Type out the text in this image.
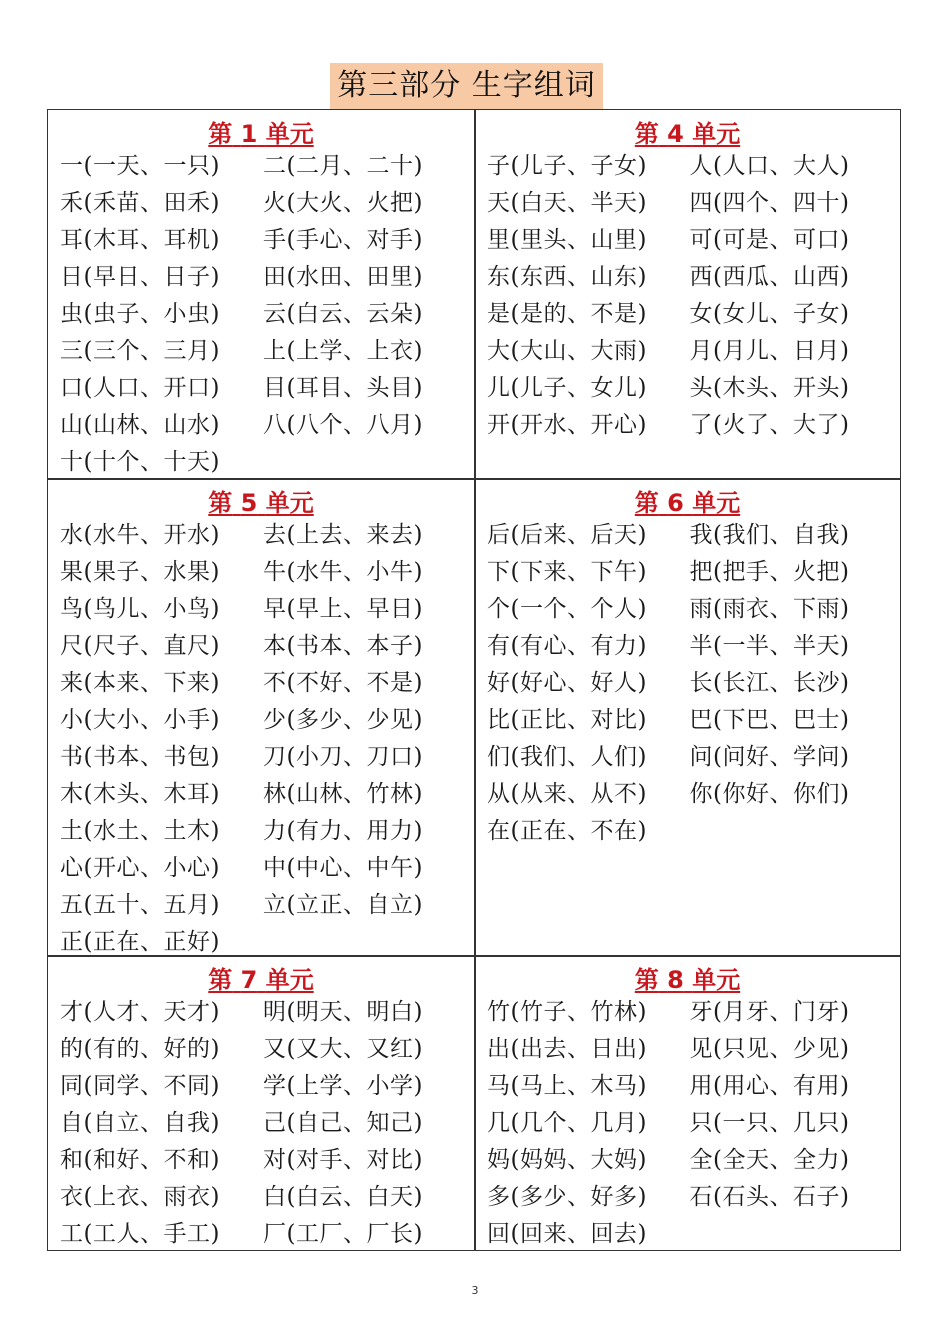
第三部分 生字组词
第 1 单元
一(一天、一只)	二(二月、二十)
禾(禾苗、田禾)	火(大火、火把)
耳(木耳、耳机)	手(手心、对手)
日(早日、日子)	田(水田、田里)
虫(虫子、小虫)	云(白云、云朵)
三(三个、三月)	上(上学、上衣)
口(人口、开口)	目(耳目、头目)
山(山林、山水)	八(八个、八月)
十(十个、十天)
第 4 单元
子(儿子、子女)	人(人口、大人)
天(白天、半天)	四(四个、四十)
里(里头、山里)	可(可是、可口)
东(东西、山东)	西(西瓜、山西)
是(是的、不是)	女(女儿、子女)
大(大山、大雨)	月(月儿、日月)
儿(儿子、女儿)	头(木头、开头)
开(开水、开心)	了(火了、大了)
第 5 单元
水(水牛、开水)	去(上去、来去)
果(果子、水果)	牛(水牛、小牛)
鸟(鸟儿、小鸟)	早(早上、早日)
尺(尺子、直尺)	本(书本、本子)
来(本来、下来)	不(不好、不是)
小(大小、小手)	少(多少、少见)
书(书本、书包)	刀(小刀、刀口)
木(木头、木耳)	林(山林、竹林)
土(水土、土木)	力(有力、用力)
心(开心、小心)	中(中心、中午)
五(五十、五月)	立(立正、自立)
正(正在、正好)
第 6 单元
后(后来、后天)	我(我们、自我)
下(下来、下午)	把(把手、火把)
个(一个、个人)	雨(雨衣、下雨)
有(有心、有力)	半(一半、半天)
好(好心、好人)	长(长江、长沙)
比(正比、对比)	巴(下巴、巴士)
们(我们、人们)	问(问好、学问)
从(从来、从不)	你(你好、你们)
在(正在、不在)
第 7 单元
才(人才、天才)	明(明天、明白)
的(有的、好的)	又(又大、又红)
同(同学、不同)	学(上学、小学)
自(自立、自我)	己(自己、知己)
和(和好、不和)	对(对手、对比)
衣(上衣、雨衣)	白(白云、白天)
工(工人、手工)	厂(工厂、厂长)
第 8 单元
竹(竹子、竹林)	牙(月牙、门牙)
出(出去、日出)	见(只见、少见)
马(马上、木马)	用(用心、有用)
几(几个、几月)	只(一只、几只)
妈(妈妈、大妈)	全(全天、全力)
多(多少、好多)	石(石头、石子)
回(回来、回去)
3
